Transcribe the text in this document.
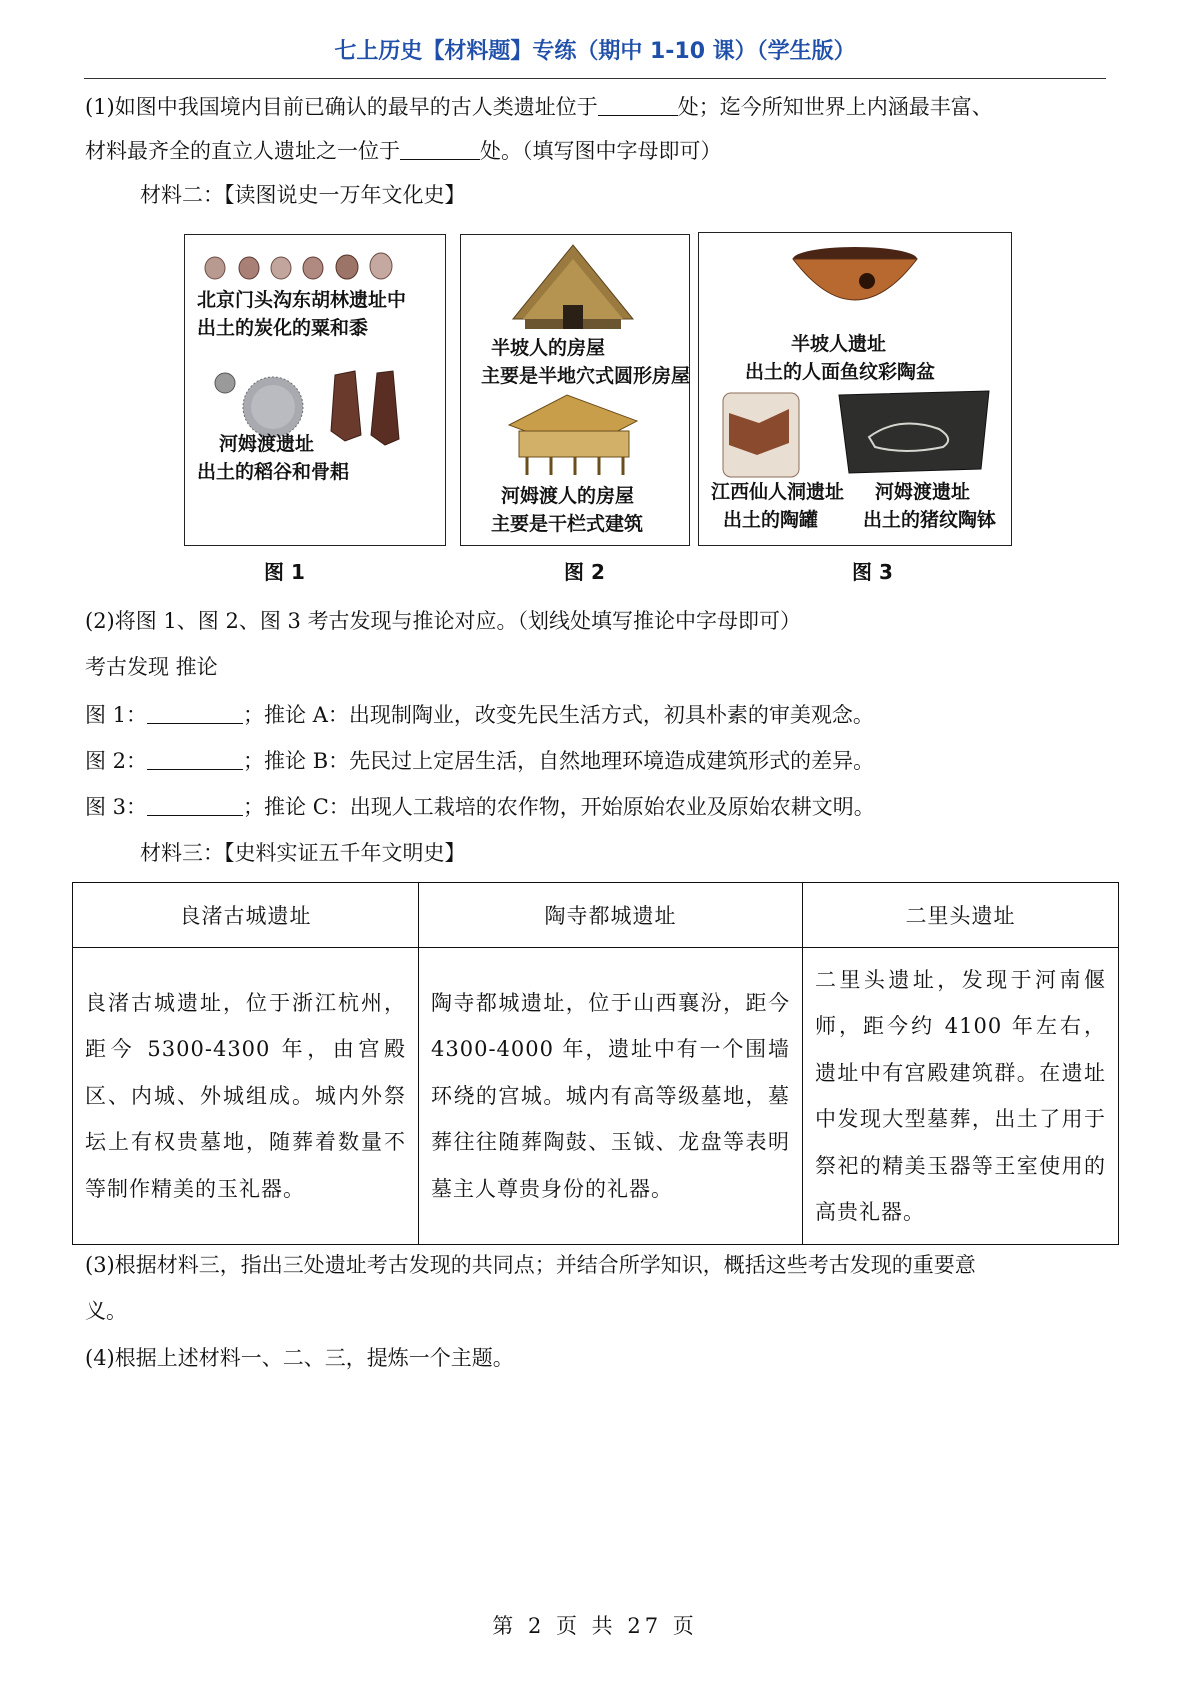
七上历史【材料题】专练（期中 1-10 课）（学生版）
(1)如图中我国境内目前已确认的最早的古人类遗址位于	处；迄今所知世界上内涵最丰富、
材料最齐全的直立人遗址之一位于	处。（填写图中字母即可）
材料二：【读图说史一万年文化史】
北京门头沟东胡林遗址中
出土的炭化的粟和黍
河姆渡遗址
出土的稻谷和骨耜
半坡人的房屋
主要是半地穴式圆形房屋
河姆渡人的房屋
主要是干栏式建筑
半坡人遗址
出土的人面鱼纹彩陶盆
江西仙人洞遗址
出土的陶罐
河姆渡遗址
出土的猪纹陶钵
图 1	图 2	图 3
(2)将图 1、图 2、图 3 考古发现与推论对应。（划线处填写推论中字母即可）
考古发现 推论
图 1：	；推论 A：出现制陶业，改变先民生活方式，初具朴素的审美观念。
图 2：	；推论 B：先民过上定居生活，自然地理环境造成建筑形式的差异。
图 3：	；推论 C：出现人工栽培的农作物，开始原始农业及原始农耕文明。
材料三：【史料实证五千年文明史】
良渚古城遗址	陶寺都城遗址	二里头遗址
良渚古城遗址，位于浙江杭州，距今 5300-4300 年，由宫殿区、内城、外城组成。城内外祭坛上有权贵墓地，随葬着数量不等制作精美的玉礼器。	陶寺都城遗址，位于山西襄汾，距今 4300-4000 年，遗址中有一个围墙环绕的宫城。城内有高等级墓地，墓葬往往随葬陶鼓、玉钺、龙盘等表明墓主人尊贵身份的礼器。	二里头遗址，发现于河南偃师，距今约 4100 年左右，遗址中有宫殿建筑群。在遗址中发现大型墓葬，出土了用于祭祀的精美玉器等王室使用的高贵礼器。
(3)根据材料三，指出三处遗址考古发现的共同点；并结合所学知识，概括这些考古发现的重要意
义。
(4)根据上述材料一、二、三，提炼一个主题。
第 2 页 共 27 页
